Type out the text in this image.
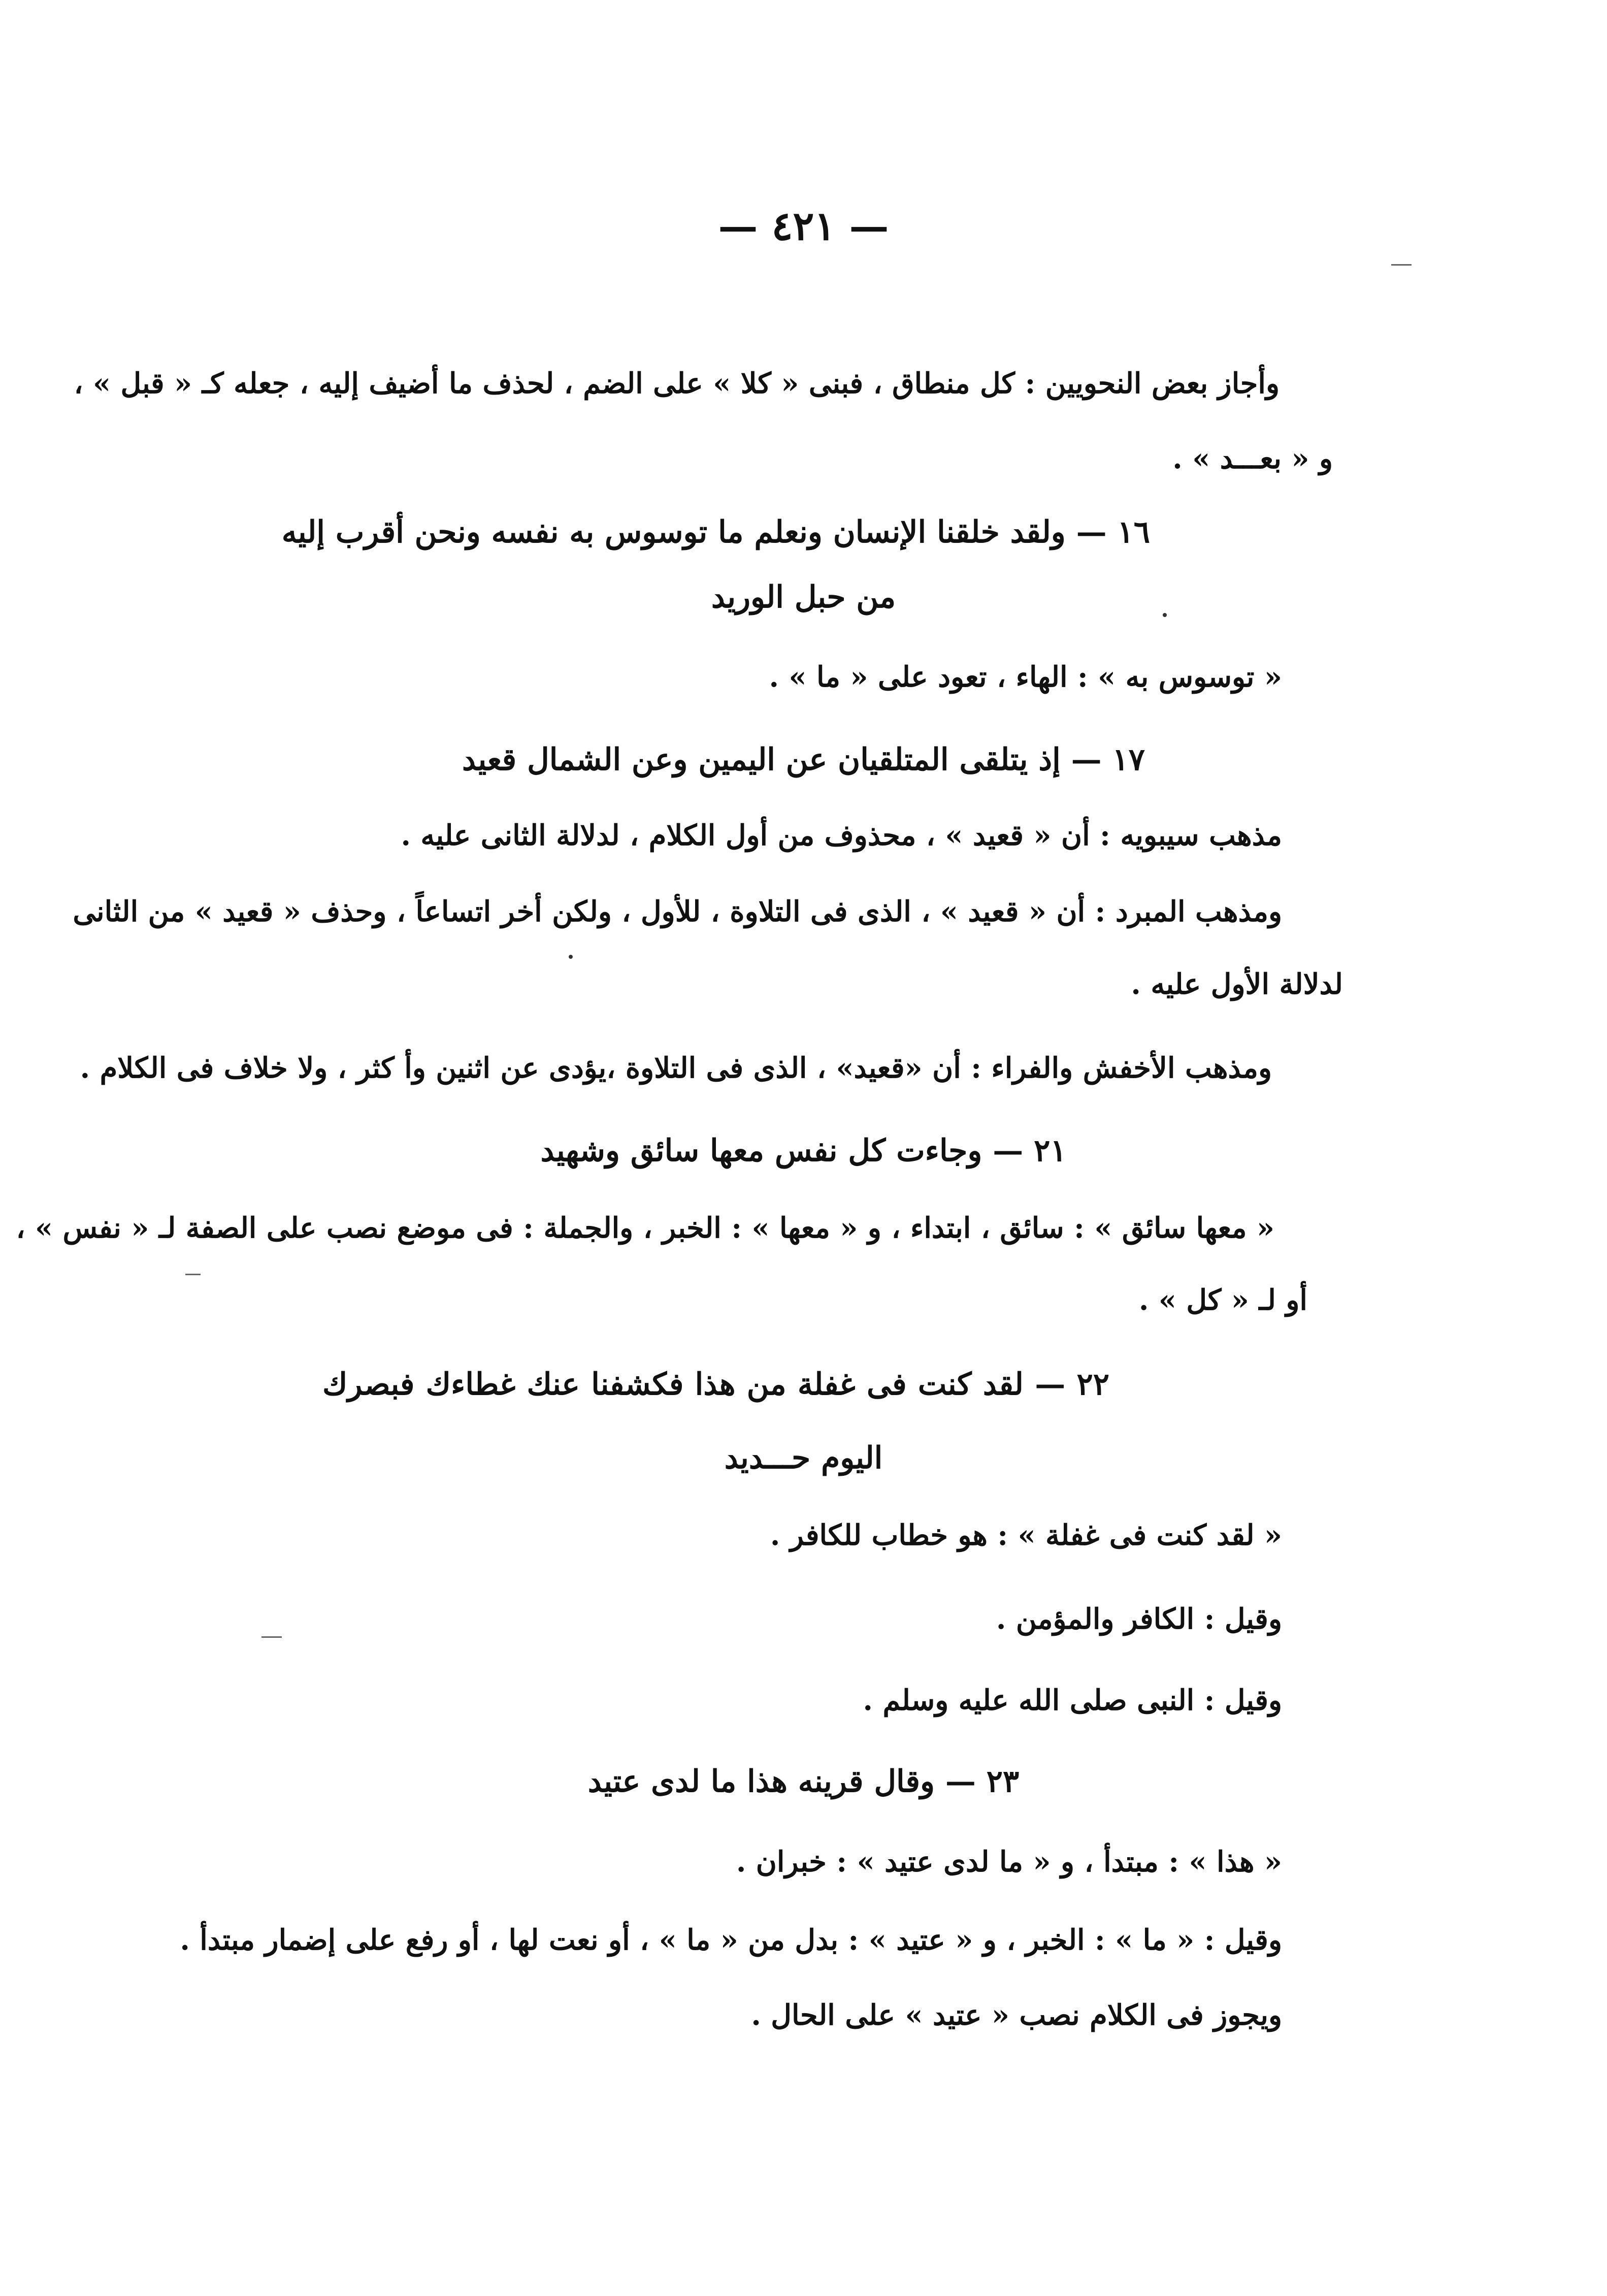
— ٤٢١ —
وأجاز بعض النحويين : كل منطاق ، فبنى « كلا » على الضم ، لحذف ما أضيف إليه ، جعله كـ « قبل » ،
و « بعـــد » .
١٦ — ولقد خلقنا الإنسان ونعلم ما توسوس به نفسه ونحن أقرب إليه
من حبل الوريد
« توسوس به » : الهاء ، تعود على « ما » .
١٧ — إذ يتلقى المتلقيان عن اليمين وعن الشمال قعيد
مذهب سيبويه : أن « قعيد » ، محذوف من أول الكلام ، لدلالة الثانى عليه .
ومذهب المبرد : أن « قعيد » ، الذى فى التلاوة ، للأول ، ولكن أخر اتساعاً ، وحذف « قعيد » من الثانى
لدلالة الأول عليه .
ومذهب الأخفش والفراء : أن «قعيد» ، الذى فى التلاوة ،يؤدى عن اثنين وأ كثر ، ولا خلاف فى الكلام .
٢١ — وجاءت كل نفس معها سائق وشهيد
« معها سائق » : سائق ، ابتداء ، و « معها » : الخبر ، والجملة : فى موضع نصب على الصفة لـ « نفس » ،
أو لـ « كل » .
٢٢ — لقد كنت فى غفلة من هذا فكشفنا عنك غطاءك فبصرك
اليوم حـــديد
« لقد كنت فى غفلة » : هو خطاب للكافر .
وقيل : الكافر والمؤمن .
وقيل : النبى صلى الله عليه وسلم .
٢٣ — وقال قرينه هذا ما لدى عتيد
« هذا » : مبتدأ ، و « ما لدى عتيد » : خبران .
وقيل : « ما » : الخبر ، و « عتيد » : بدل من « ما » ، أو نعت لها ، أو رفع على إضمار مبتدأ .
ويجوز فى الكلام نصب « عتيد » على الحال .
